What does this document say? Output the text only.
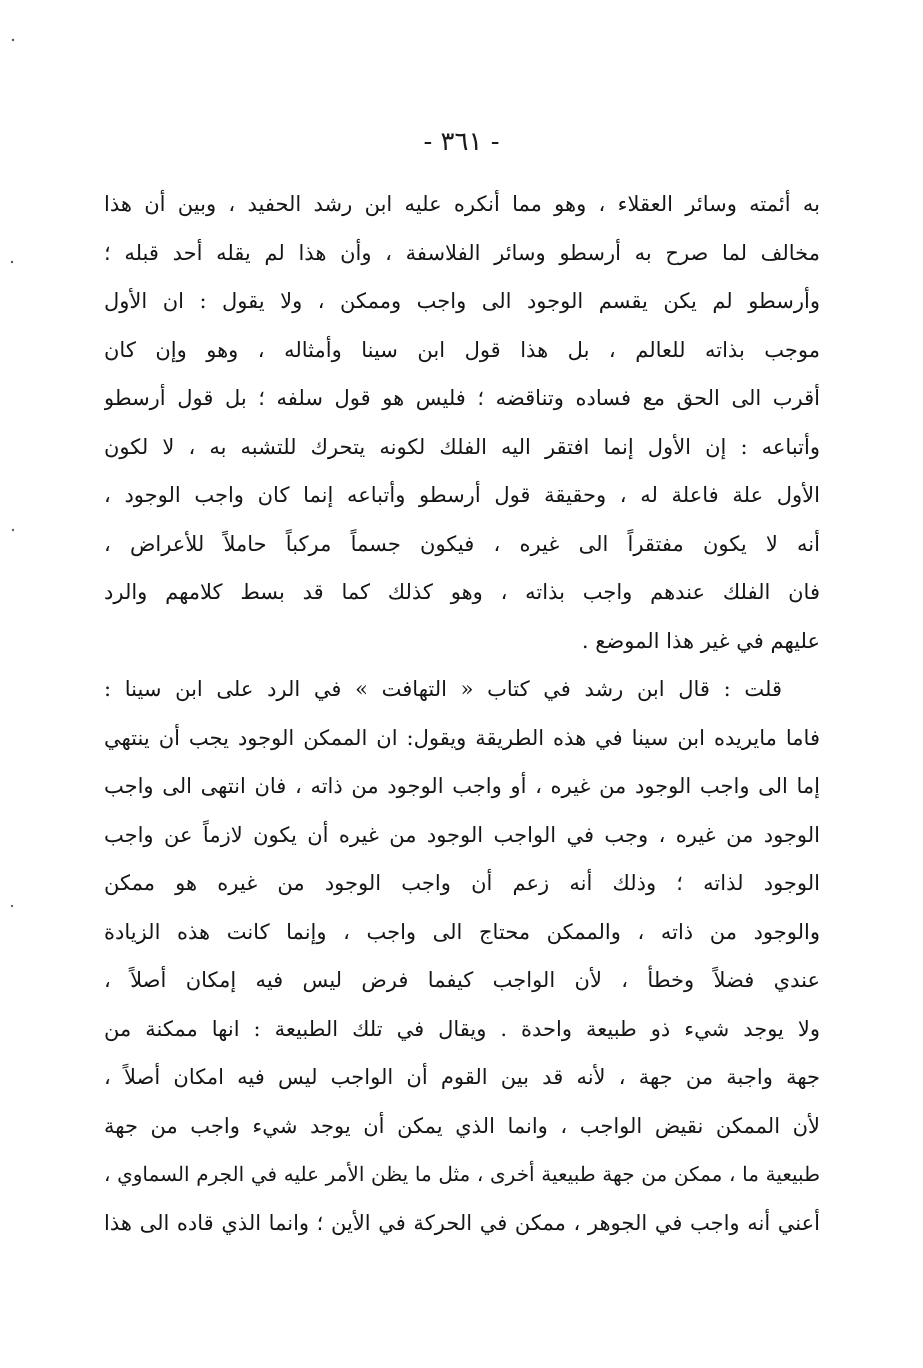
- ٣٦١ -
به أئمته وسائر العقلاء ، وهو مما أنكره عليه ابن رشد الحفيد ، وبين أن هذا
مخالف لما صرح به أرسطو وسائر الفلاسفة ، وأن هذا لم يقله أحد قبله ؛
وأرسطو لم يكن يقسم الوجود الى واجب وممكن ، ولا يقول : ان الأول
موجب بذاته للعالم ، بل هذا قول ابن سينا وأمثاله ، وهو وإن كان
أقرب الى الحق مع فساده وتناقضه ؛ فليس هو قول سلفه ؛ بل قول أرسطو
وأتباعه : إن الأول إنما افتقر اليه الفلك لكونه يتحرك للتشبه به ، لا لكون
الأول علة فاعلة له ، وحقيقة قول أرسطو وأتباعه إنما كان واجب الوجود ،
أنه لا يكون مفتقراً الى غيره ، فيكون جسماً مركباً حاملاً للأعراض ،
فان الفلك عندهم واجب بذاته ، وهو كذلك كما قد بسط كلامهم والرد
عليهم في غير هذا الموضع .
قلت : قال ابن رشد في كتاب « التهافت » في الرد على ابن سينا :
فاما مايريده ابن سينا في هذه الطريقة ويقول: ان الممكن الوجود يجب أن ينتهي
إما الى واجب الوجود من غيره ، أو واجب الوجود من ذاته ، فان انتهى الى واجب
الوجود من غيره ، وجب في الواجب الوجود من غيره أن يكون لازماً عن واجب
الوجود لذاته ؛ وذلك أنه زعم أن واجب الوجود من غيره هو ممكن
والوجود من ذاته ، والممكن محتاج الى واجب ، وإنما كانت هذه الزيادة
عندي فضلاً وخطأ ، لأن الواجب كيفما فرض ليس فيه إمكان أصلاً ،
ولا يوجد شيء ذو طبيعة واحدة . ويقال في تلك الطبيعة : انها ممكنة من
جهة واجبة من جهة ، لأنه قد بين القوم أن الواجب ليس فيه امكان أصلاً ،
لأن الممكن نقيض الواجب ، وانما الذي يمكن أن يوجد شيء واجب من جهة
طبيعية ما ، ممكن من جهة طبيعية أخرى ، مثل ما يظن الأمر عليه في الجرم السماوي ،
أعني أنه واجب في الجوهر ، ممكن في الحركة في الأين ؛ وانما الذي قاده الى هذا
